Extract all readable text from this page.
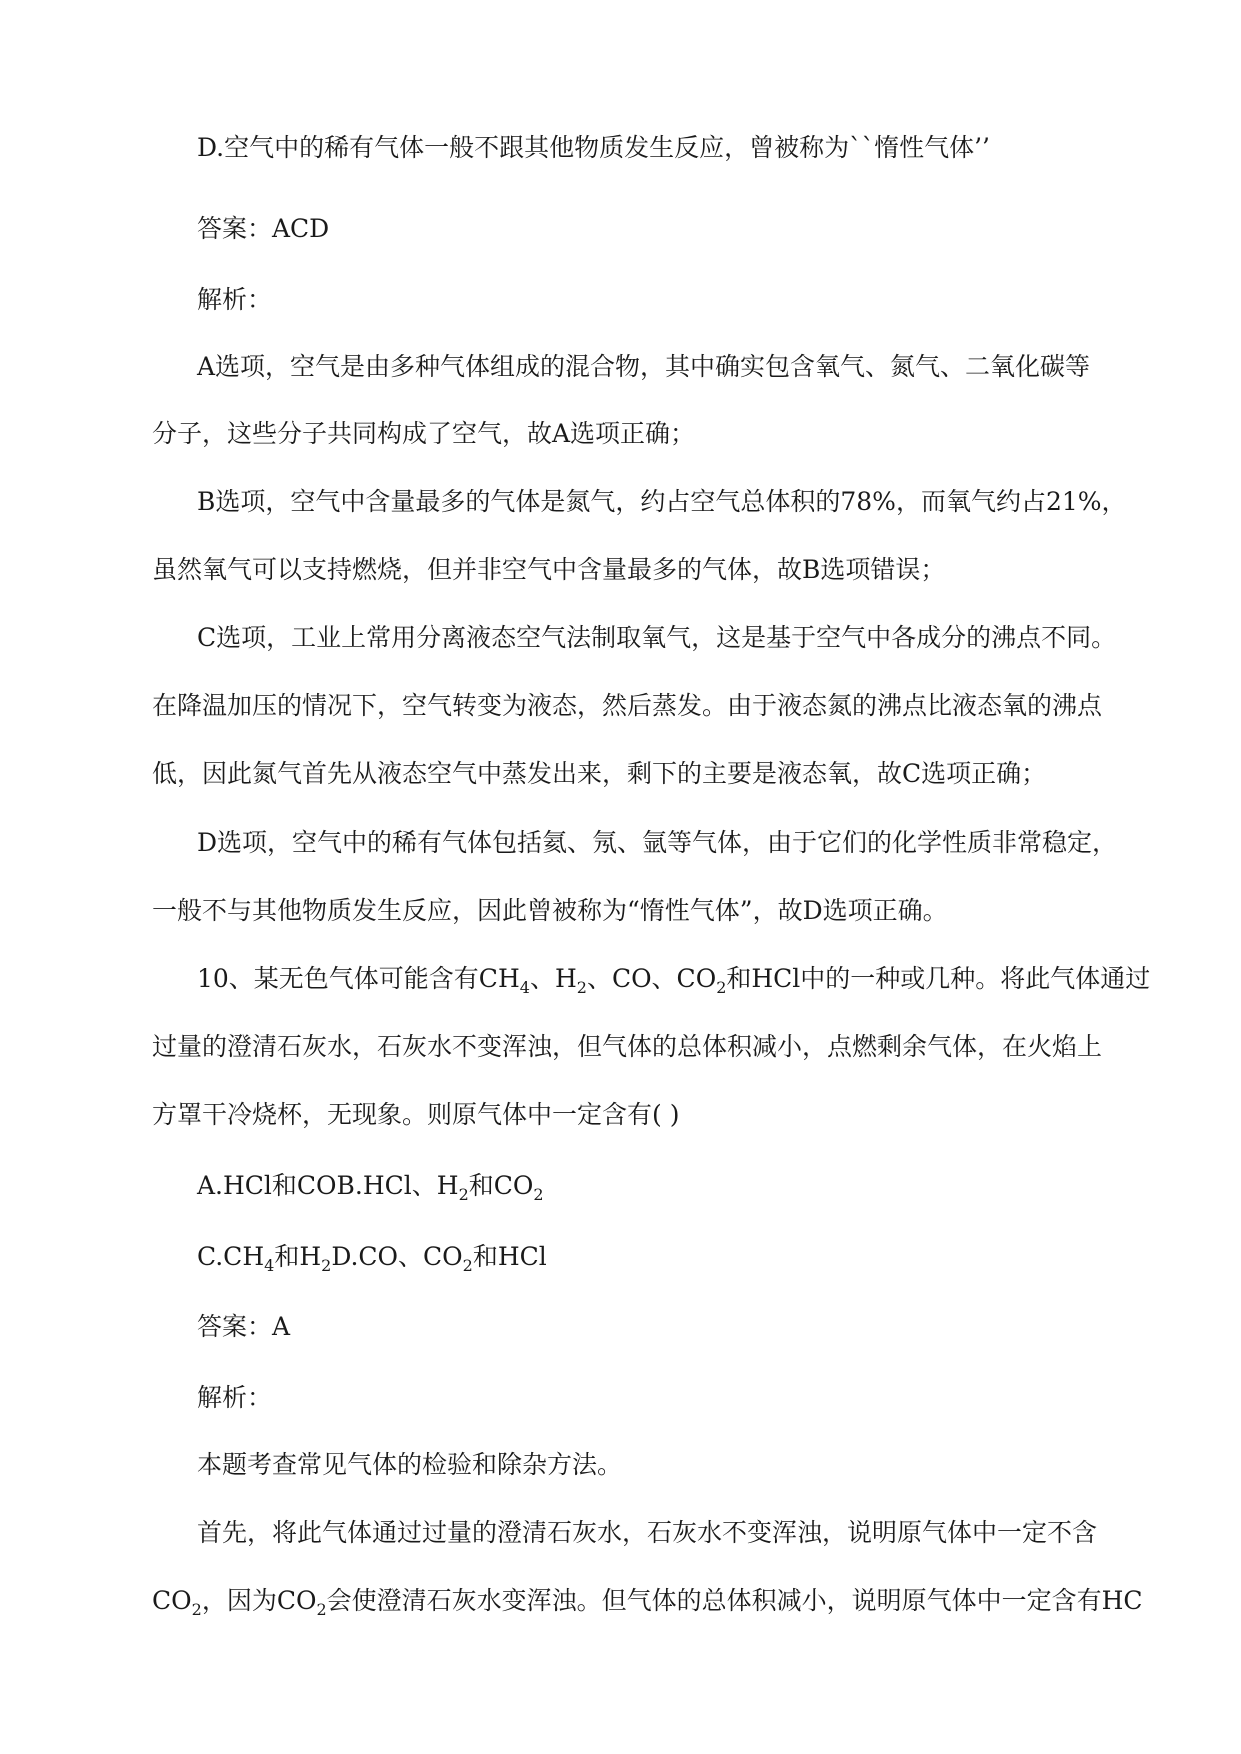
D.空气中的稀有气体一般不跟其他物质发生反应，曾被称为``惰性气体’’
答案：ACD
解析：
A选项，空气是由多种气体组成的混合物，其中确实包含氧气、氮气、二氧化碳等
分子，这些分子共同构成了空气，故A选项正确；
B选项，空气中含量最多的气体是氮气，约占空气总体积的78%，而氧气约占21%，
虽然氧气可以支持燃烧，但并非空气中含量最多的气体，故B选项错误；
C选项，工业上常用分离液态空气法制取氧气，这是基于空气中各成分的沸点不同。
在降温加压的情况下，空气转变为液态，然后蒸发。由于液态氮的沸点比液态氧的沸点
低，因此氮气首先从液态空气中蒸发出来，剩下的主要是液态氧，故C选项正确；
D选项，空气中的稀有气体包括氦、氖、氩等气体，由于它们的化学性质非常稳定，
一般不与其他物质发生反应，因此曾被称为“惰性气体”，故D选项正确。
10、某无色气体可能含有$CH_4$、$H_2$、CO、$CO_2$和HCl中的一种或几种。将此气体通过
过量的澄清石灰水，石灰水不变浑浊，但气体的总体积减小，点燃剩余气体，在火焰上
方罩干冷烧杯，无现象。则原气体中一定含有( )
A.HCl和COB.HCl、$H_2$和$CO_2$
$C.CH_4$和$H_2D.CO$、$CO_2$和HCl
答案：A
解析：
本题考查常见气体的检验和除杂方法。
首先，将此气体通过过量的澄清石灰水，石灰水不变浑浊，说明原气体中一定不含
$CO_2$，因为$CO_2$会使澄清石灰水变浑浊。但气体的总体积减小，说明原气体中一定含有HC
